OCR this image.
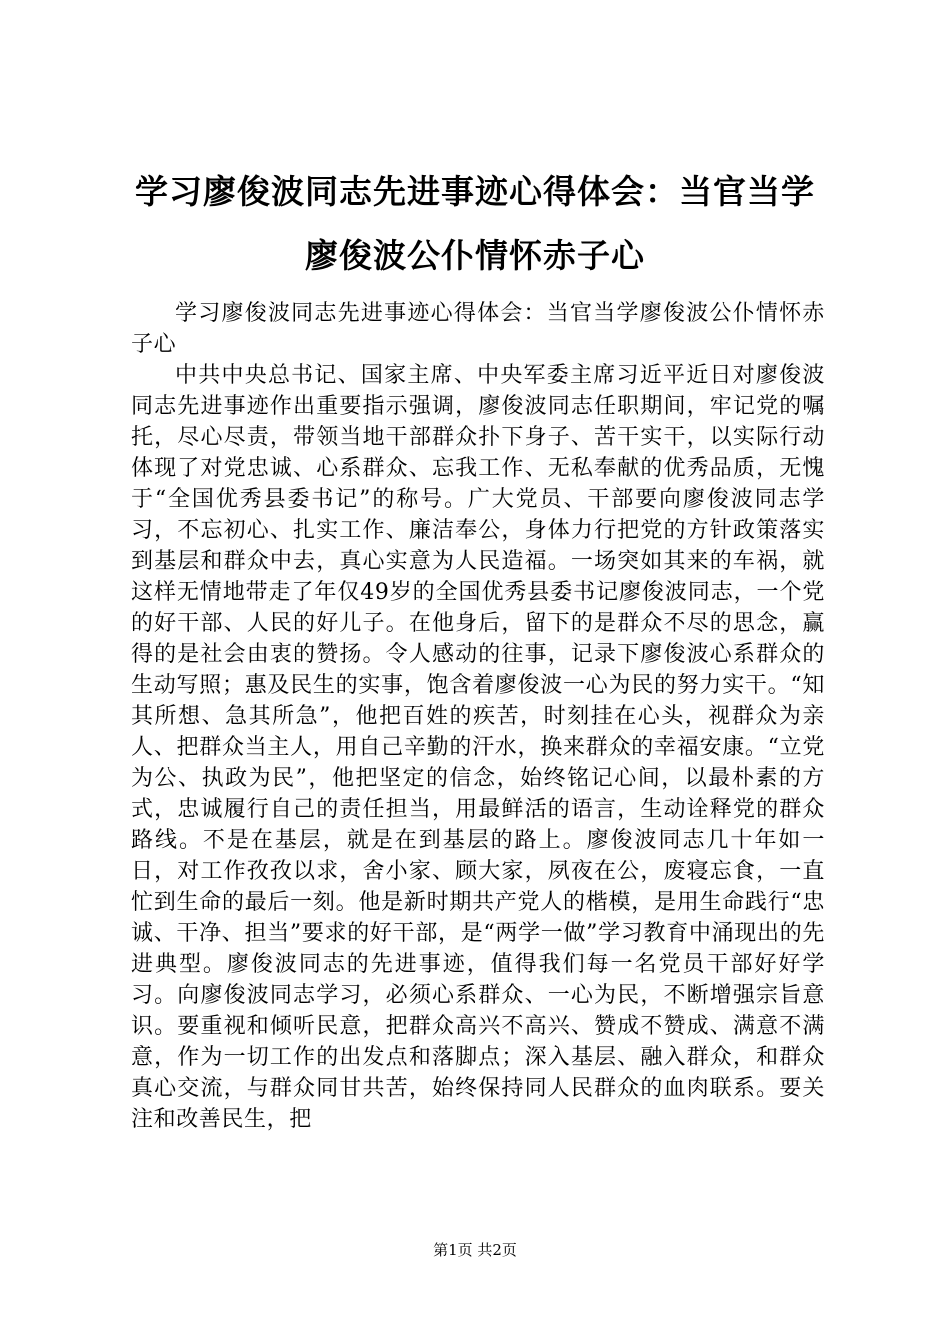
学习廖俊波同志先进事迹心得体会：当官当学
廖俊波公仆情怀赤子心

学习廖俊波同志先进事迹心得体会：当官当学廖俊波公仆情怀赤子心

中共中央总书记、国家主席、中央军委主席习近平近日对廖俊波同志先进事迹作出重要指示强调，廖俊波同志任职期间，牢记党的嘱托，尽心尽责，带领当地干部群众扑下身子、苦干实干，以实际行动体现了对党忠诚、心系群众、忘我工作、无私奉献的优秀品质，无愧于“全国优秀县委书记”的称号。广大党员、干部要向廖俊波同志学习，不忘初心、扎实工作、廉洁奉公，身体力行把党的方针政策落实到基层和群众中去，真心实意为人民造福。一场突如其来的车祸，就这样无情地带走了年仅49岁的全国优秀县委书记廖俊波同志，一个党的好干部、人民的好儿子。在他身后，留下的是群众不尽的思念，赢得的是社会由衷的赞扬。令人感动的往事，记录下廖俊波心系群众的生动写照；惠及民生的实事，饱含着廖俊波一心为民的努力实干。“知其所想、急其所急”，他把百姓的疾苦，时刻挂在心头，视群众为亲人、把群众当主人，用自己辛勤的汗水，换来群众的幸福安康。“立党为公、执政为民”，他把坚定的信念，始终铭记心间，以最朴素的方式，忠诚履行自己的责任担当，用最鲜活的语言，生动诠释党的群众路线。不是在基层，就是在到基层的路上。廖俊波同志几十年如一日，对工作孜孜以求，舍小家、顾大家，夙夜在公，废寝忘食，一直忙到生命的最后一刻。他是新时期共产党人的楷模，是用生命践行“忠诚、干净、担当”要求的好干部，是“两学一做”学习教育中涌现出的先进典型。廖俊波同志的先进事迹，值得我们每一名党员干部好好学习。向廖俊波同志学习，必须心系群众、一心为民，不断增强宗旨意识。要重视和倾听民意，把群众高兴不高兴、赞成不赞成、满意不满意，作为一切工作的出发点和落脚点；深入基层、融入群众，和群众真心交流，与群众同甘共苦，始终保持同人民群众的血肉联系。要关注和改善民生，把

第1页 共2页
